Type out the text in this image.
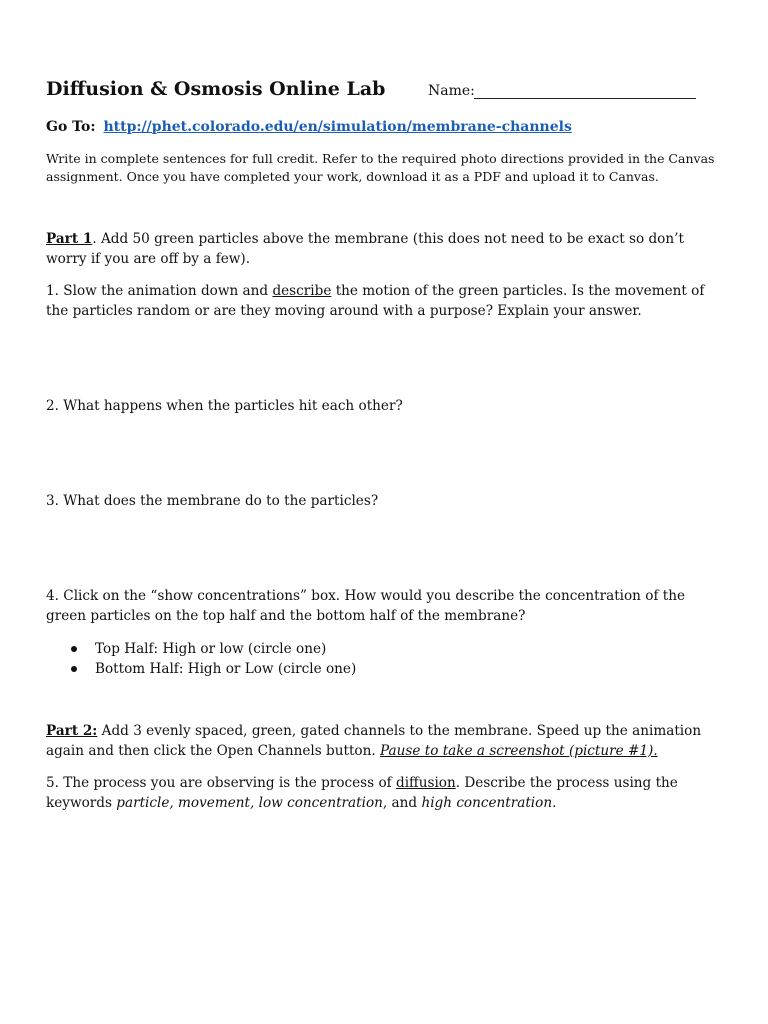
Diffusion & Osmosis Online Lab	Name:
Go To: http://phet.colorado.edu/en/simulation/membrane-channels
Write in complete sentences for full credit. Refer to the required photo directions provided in the Canvas assignment. Once you have completed your work, download it as a PDF and upload it to Canvas.
Part 1. Add 50 green particles above the membrane (this does not need to be exact so don’t worry if you are off by a few).
1. Slow the animation down and describe the motion of the green particles. Is the movement of the particles random or are they moving around with a purpose? Explain your answer.
2. What happens when the particles hit each other?
3. What does the membrane do to the particles?
4. Click on the “show concentrations” box. How would you describe the concentration of the green particles on the top half and the bottom half of the membrane?
Top Half: High or low (circle one)
Bottom Half: High or Low (circle one)
Part 2: Add 3 evenly spaced, green, gated channels to the membrane. Speed up the animation again and then click the Open Channels button. Pause to take a screenshot (picture #1).
5. The process you are observing is the process of diffusion. Describe the process using the keywords particle, movement, low concentration, and high concentration.
